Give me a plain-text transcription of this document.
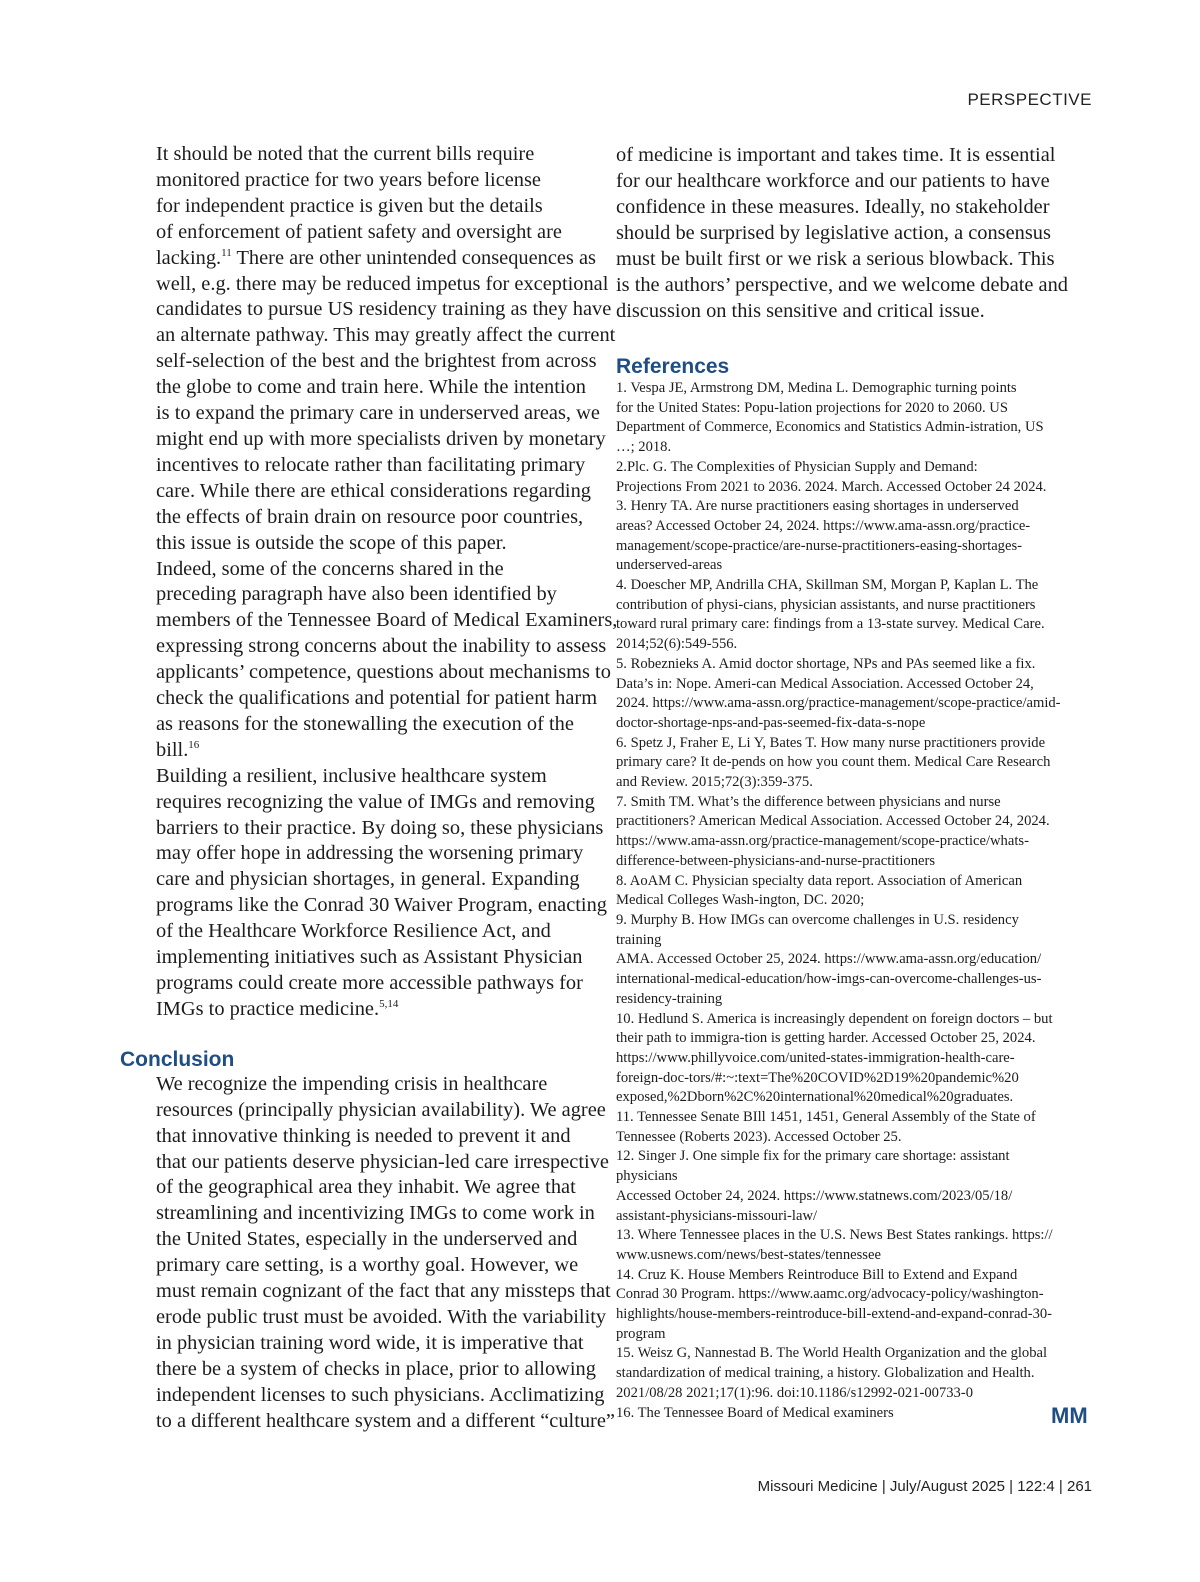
PERSPECTIVE

It should be noted that the current bills require
monitored practice for two years before license
for independent practice is given but the details
of enforcement of patient safety and oversight are
lacking.$^{11}$ There are other unintended consequences as
well, e.g. there may be reduced impetus for exceptional
candidates to pursue US residency training as they have
an alternate pathway. This may greatly affect the current
self-selection of the best and the brightest from across
the globe to come and train here. While the intention
is to expand the primary care in underserved areas, we
might end up with more specialists driven by monetary
incentives to relocate rather than facilitating primary
care. While there are ethical considerations regarding
the effects of brain drain on resource poor countries,
this issue is outside the scope of this paper.

Indeed, some of the concerns shared in the
preceding paragraph have also been identified by
members of the Tennessee Board of Medical Examiners,
expressing strong concerns about the inability to assess
applicants’ competence, questions about mechanisms to
check the qualifications and potential for patient harm
as reasons for the stonewalling the execution of the
bill.$^{16}$

Building a resilient, inclusive healthcare system
requires recognizing the value of IMGs and removing
barriers to their practice. By doing so, these physicians
may offer hope in addressing the worsening primary
care and physician shortages, in general. Expanding
programs like the Conrad 30 Waiver Program, enacting
of the Healthcare Workforce Resilience Act, and
implementing initiatives such as Assistant Physician
programs could create more accessible pathways for
IMGs to practice medicine.$^{5,14}$

Conclusion

We recognize the impending crisis in healthcare
resources (principally physician availability). We agree
that innovative thinking is needed to prevent it and
that our patients deserve physician-led care irrespective
of the geographical area they inhabit. We agree that
streamlining and incentivizing IMGs to come work in
the United States, especially in the underserved and
primary care setting, is a worthy goal. However, we
must remain cognizant of the fact that any missteps that
erode public trust must be avoided. With the variability
in physician training word wide, it is imperative that
there be a system of checks in place, prior to allowing
independent licenses to such physicians. Acclimatizing
to a different healthcare system and a different “culture”

of medicine is important and takes time. It is essential
for our healthcare workforce and our patients to have
confidence in these measures. Ideally, no stakeholder
should be surprised by legislative action, a consensus
must be built first or we risk a serious blowback. This
is the authors’ perspective, and we welcome debate and
discussion on this sensitive and critical issue.

References
1. Vespa JE, Armstrong DM, Medina L. Demographic turning points
for the United States: Popu-lation projections for 2020 to 2060. US
Department of Commerce, Economics and Statistics Admin-istration, US
…; 2018.
2.Plc. G. The Complexities of Physician Supply and Demand:
Projections From 2021 to 2036. 2024. March. Accessed October 24 2024.
3. Henry TA. Are nurse practitioners easing shortages in underserved
areas? Accessed October 24, 2024. https://www.ama-assn.org/practice-
management/scope-practice/are-nurse-practitioners-easing-shortages-
underserved-areas
4. Doescher MP, Andrilla CHA, Skillman SM, Morgan P, Kaplan L. The
contribution of physi-cians, physician assistants, and nurse practitioners
toward rural primary care: findings from a 13-state survey. Medical Care.
2014;52(6):549-556.
5. Robeznieks A. Amid doctor shortage, NPs and PAs seemed like a fix.
Data’s in: Nope. Ameri-can Medical Association. Accessed October 24,
2024. https://www.ama-assn.org/practice-management/scope-practice/amid-
doctor-shortage-nps-and-pas-seemed-fix-data-s-nope
6. Spetz J, Fraher E, Li Y, Bates T. How many nurse practitioners provide
primary care? It de-pends on how you count them. Medical Care Research
and Review. 2015;72(3):359-375.
7. Smith TM. What’s the difference between physicians and nurse
practitioners? American Medical Association. Accessed October 24, 2024.
https://www.ama-assn.org/practice-management/scope-practice/whats-
difference-between-physicians-and-nurse-practitioners
8. AoAM C. Physician specialty data report. Association of American
Medical Colleges Wash-ington, DC. 2020;
9. Murphy B. How IMGs can overcome challenges in U.S. residency
training
AMA. Accessed October 25, 2024. https://www.ama-assn.org/education/
international-medical-education/how-imgs-can-overcome-challenges-us-
residency-training
10. Hedlund S. America is increasingly dependent on foreign doctors – but
their path to immigra-tion is getting harder. Accessed October 25, 2024.
https://www.phillyvoice.com/united-states-immigration-health-care-
foreign-doc-tors/#:~:text=The%20COVID%2D19%20pandemic%20
exposed,%2Dborn%2C%20international%20medical%20graduates.
11. Tennessee Senate BIll 1451, 1451, General Assembly of the State of
Tennessee (Roberts 2023). Accessed October 25.
12. Singer J. One simple fix for the primary care shortage: assistant
physicians
Accessed October 24, 2024. https://www.statnews.com/2023/05/18/
assistant-physicians-missouri-law/
13. Where Tennessee places in the U.S. News Best States rankings. https://
www.usnews.com/news/best-states/tennessee
14. Cruz K. House Members Reintroduce Bill to Extend and Expand
Conrad 30 Program. https://www.aamc.org/advocacy-policy/washington-
highlights/house-members-reintroduce-bill-extend-and-expand-conrad-30-
program
15. Weisz G, Nannestad B. The World Health Organization and the global
standardization of medical training, a history. Globalization and Health.
2021/08/28 2021;17(1):96. doi:10.1186/s12992-021-00733-0
16. The Tennessee Board of Medical examiners	MM
Missouri Medicine | July/August 2025 | 122:4 | 261
